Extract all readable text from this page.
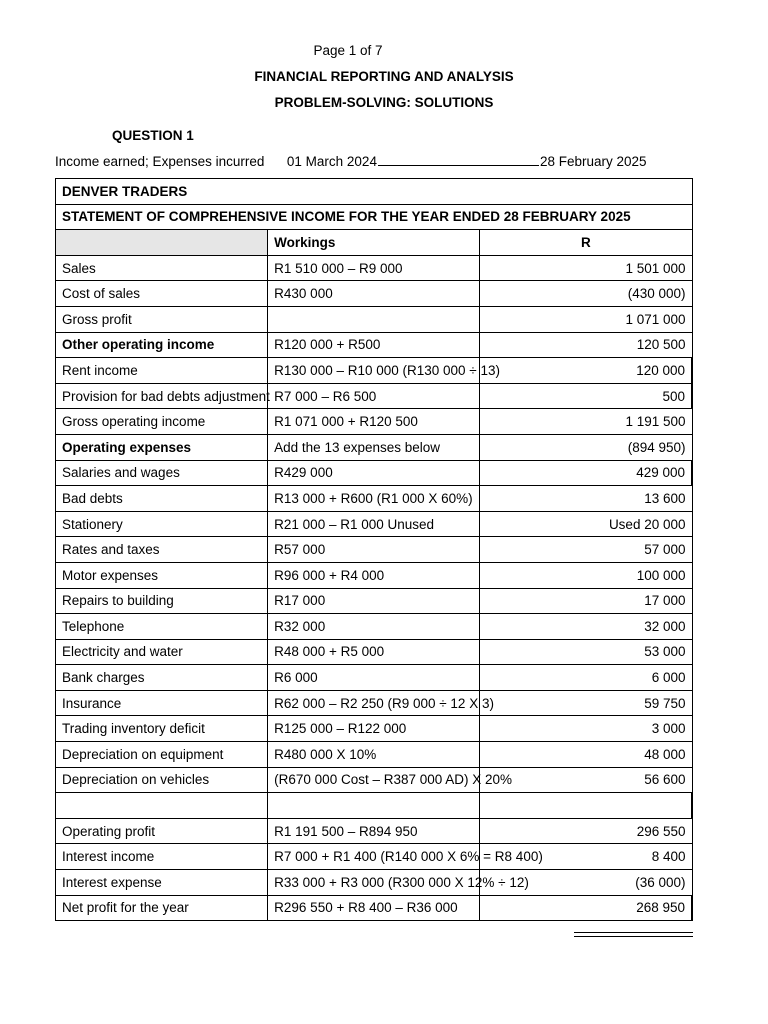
Page 1 of 7
FINANCIAL REPORTING AND ANALYSIS
PROBLEM-SOLVING: SOLUTIONS
QUESTION 1
Income earned; Expenses incurred 01 March 2024	28 February 2025
DENVER TRADERS		
STATEMENT OF COMPREHENSIVE INCOME FOR THE YEAR ENDED 28 FEBRUARY 2025		
	Workings	R
Sales	R1 510 000 – R9 000	1 501 000
Cost of sales	R430 000	(430 000)
Gross profit		1 071 000
Other operating income	R120 000 + R500	120 500
Rent income	R130 000 – R10 000 (R130 000 ÷ 13)	120 000
Provision for bad debts adjustment	R7 000 – R6 500	500
Gross operating income	R1 071 000 + R120 500	1 191 500
Operating expenses	Add the 13 expenses below	(894 950)
Salaries and wages	R429 000	429 000
Bad debts	R13 000 + R600 (R1 000 X 60%)	13 600
Stationery	R21 000 – R1 000 Unused	Used 20 000
Rates and taxes	R57 000	57 000
Motor expenses	R96 000 + R4 000	100 000
Repairs to building	R17 000	17 000
Telephone	R32 000	32 000
Electricity and water	R48 000 + R5 000	53 000
Bank charges	R6 000	6 000
Insurance	R62 000 – R2 250 (R9 000 ÷ 12 X 3)	59 750
Trading inventory deficit	R125 000 – R122 000	3 000
Depreciation on equipment	R480 000 X 10%	48 000
Depreciation on vehicles	(R670 000 Cost – R387 000 AD) X 20%	56 600

Operating profit	R1 191 500 – R894 950	296 550
Interest income	R7 000 + R1 400 (R140 000 X 6% = R8 400)	8 400
Interest expense	R33 000 + R3 000 (R300 000 X 12% ÷ 12)	(36 000)
Net profit for the year	R296 550 + R8 400 – R36 000	268 950
